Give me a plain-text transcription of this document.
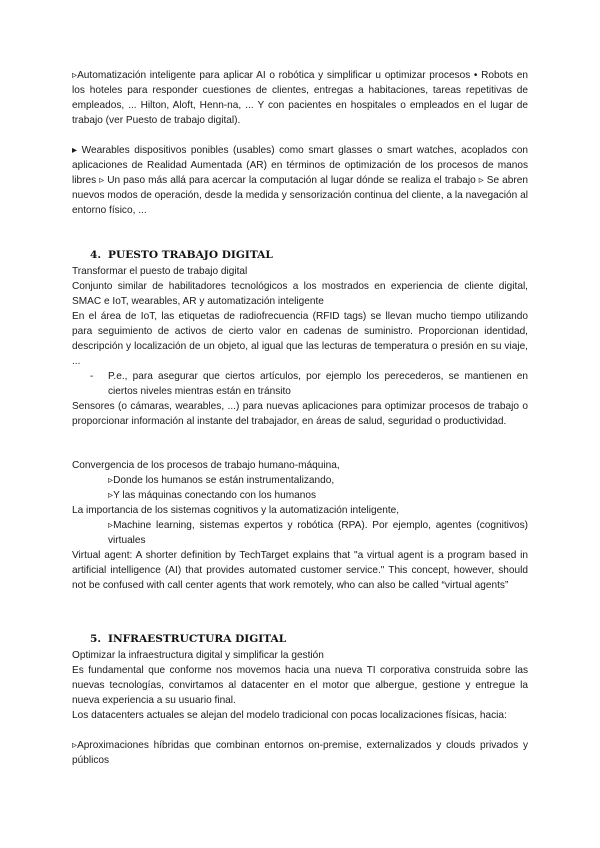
▹Automatización inteligente para aplicar AI o robótica y simplificar u optimizar procesos • Robots en los hoteles para responder cuestiones de clientes, entregas a habitaciones, tareas repetitivas de empleados, ... Hilton, Aloft, Henn-na, ... Y con pacientes en hospitales o empleados en el lugar de trabajo (ver Puesto de trabajo digital).

▸ Wearables dispositivos ponibles (usables) como smart glasses o smart watches, acoplados con aplicaciones de Realidad Aumentada (AR) en términos de optimización de los procesos de manos libres ▹ Un paso más allá para acercar la computación al lugar dónde se realiza el trabajo ▹ Se abren nuevos modos de operación, desde la medida y sensorización continua del cliente, a la navegación al entorno físico, ...

4. PUESTO TRABAJO DIGITAL

Transformar el puesto de trabajo digital

Conjunto similar de habilitadores tecnológicos a los mostrados en experiencia de cliente digital, SMAC e IoT, wearables, AR y automatización inteligente

En el área de IoT, las etiquetas de radiofrecuencia (RFID tags) se llevan mucho tiempo utilizando para seguimiento de activos de cierto valor en cadenas de suministro. Proporcionan identidad, descripción y localización de un objeto, al igual que las lecturas de temperatura o presión en su viaje, ...

- P.e., para asegurar que ciertos artículos, por ejemplo los perecederos, se mantienen en ciertos niveles mientras están en tránsito

Sensores (o cámaras, wearables, ...) para nuevas aplicaciones para optimizar procesos de trabajo o proporcionar información al instante del trabajador, en áreas de salud, seguridad o productividad.

Convergencia de los procesos de trabajo humano-máquina,

▹Donde los humanos se están instrumentalizando,

▹Y las máquinas conectando con los humanos

La importancia de los sistemas cognitivos y la automatización inteligente,

▹Machine learning, sistemas expertos y robótica (RPA). Por ejemplo, agentes (cognitivos) virtuales

Virtual agent: A shorter definition by TechTarget explains that "a virtual agent is a program based in artificial intelligence (AI) that provides automated customer service." This concept, however, should not be confused with call center agents that work remotely, who can also be called “virtual agents”

5. INFRAESTRUCTURA DIGITAL

Optimizar la infraestructura digital y simplificar la gestión

Es fundamental que conforme nos movemos hacia una nueva TI corporativa construida sobre las nuevas tecnologías, convirtamos al datacenter en el motor que albergue, gestione y entregue la nueva experiencia a su usuario final.

Los datacenters actuales se alejan del modelo tradicional con pocas localizaciones físicas, hacia:

▹Aproximaciones híbridas que combinan entornos on-premise, externalizados y clouds privados y públicos
